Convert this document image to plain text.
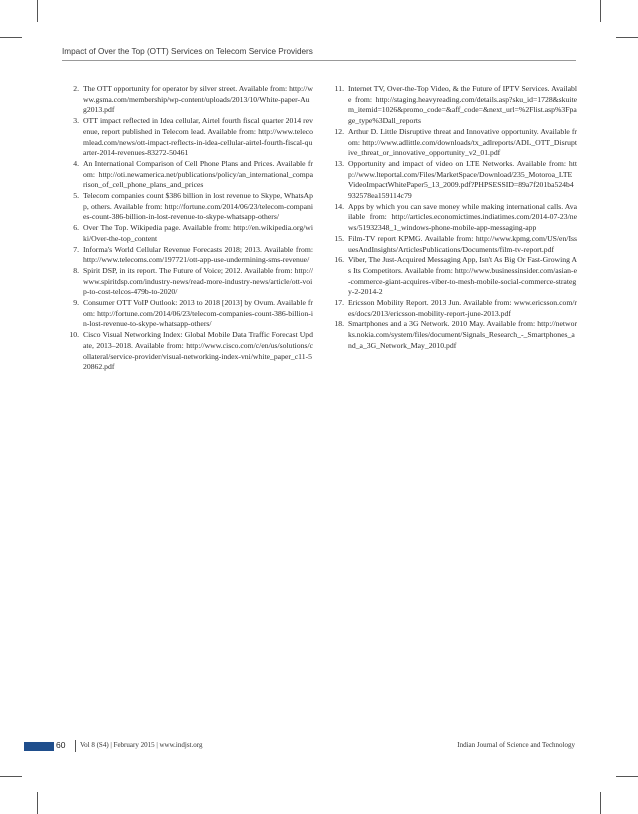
Impact of Over the Top (OTT) Services on Telecom Service Providers
2. The OTT opportunity for operator by silver street. Available from: http://www.gsma.com/membership/wp-content/uploads/2013/10/White-paper-Aug2013.pdf
3. OTT impact reflected in Idea cellular, Airtel fourth fiscal quarter 2014 revenue, report published in Telecom lead. Available from: http://www.telecomlead.com/news/ott-impact-reflects-in-idea-cellular-airtel-fourth-fiscal-quarter-2014-revenues-83272-50461
4. An International Comparison of Cell Phone Plans and Prices. Available from: http://oti.newamerica.net/publications/policy/an_international_comparison_of_cell_phone_plans_and_prices
5. Telecom companies count $386 billion in lost revenue to Skype, WhatsApp, others. Available from: http://fortune.com/2014/06/23/telecom-companies-count-386-billion-in-lost-revenue-to-skype-whatsapp-others/
6. Over The Top. Wikipedia page. Available from: http://en.wikipedia.org/wiki/Over-the-top_content
7. Informa's World Cellular Revenue Forecasts 2018; 2013. Available from: http://www.telecoms.com/197721/ott-app-use-undermining-sms-revenue/
8. Spirit DSP, in its report. The Future of Voice; 2012. Available from: http://www.spiritdsp.com/industry-news/read-more-industry-news/article/ott-voip-to-cost-telcos-479b-to-2020/
9. Consumer OTT VoIP Outlook: 2013 to 2018 [2013] by Ovum. Available from: http://fortune.com/2014/06/23/telecom-companies-count-386-billion-in-lost-revenue-to-skype-whatsapp-others/
10. Cisco Visual Networking Index: Global Mobile Data Traffic Forecast Update, 2013–2018. Available from: http://www.cisco.com/c/en/us/solutions/collateral/service-provider/visual-networking-index-vni/white_paper_c11-520862.pdf
11. Internet TV, Over-the-Top Video, & the Future of IPTV Services. Available from: http://staging.heavyreading.com/details.asp?sku_id=1728&skuitem_itemid=1026&promo_code=&aff_code=&next_url=%2Flist.asp%3Fpage_type%3Dall_reports
12. Arthur D. Little Disruptive threat and Innovative opportunity. Available from: http://www.adlittle.com/downloads/tx_adlreports/ADL_OTT_Disruptive_threat_or_innovative_opportunity_v2_01.pdf
13. Opportunity and impact of video on LTE Networks. Available from: http://www.lteportal.com/Files/MarketSpace/Download/235_Motoroa_LTEVideoImpactWhitePaper5_13_2009.pdf?PHPSESSID=89a7f201ba524b4932578ea159114c79
14. Apps by which you can save money while making international calls. Available from: http://articles.economictimes.indiatimes.com/2014-07-23/news/51932348_1_windows-phone-mobile-app-messaging-app
15. Film-TV report KPMG. Available from: http://www.kpmg.com/US/en/IssuesAndInsights/ArticlesPublications/Documents/film-tv-report.pdf
16. Viber, The Just-Acquired Messaging App, Isn't As Big Or Fast-Growing As Its Competitors. Available from: http://www.businessinsider.com/asian-e-commerce-giant-acquires-viber-to-mesh-mobile-social-commerce-strategy-2-2014-2
17. Ericsson Mobility Report. 2013 Jun. Available from: www.ericsson.com/res/docs/2013/ericsson-mobility-report-june-2013.pdf
18. Smartphones and a 3G Network. 2010 May. Available from: http://networks.nokia.com/system/files/document/Signals_Research_-_Smartphones_and_a_3G_Network_May_2010.pdf
60 Vol 8 (S4) | February 2015 | www.indjst.org	Indian Journal of Science and Technology
